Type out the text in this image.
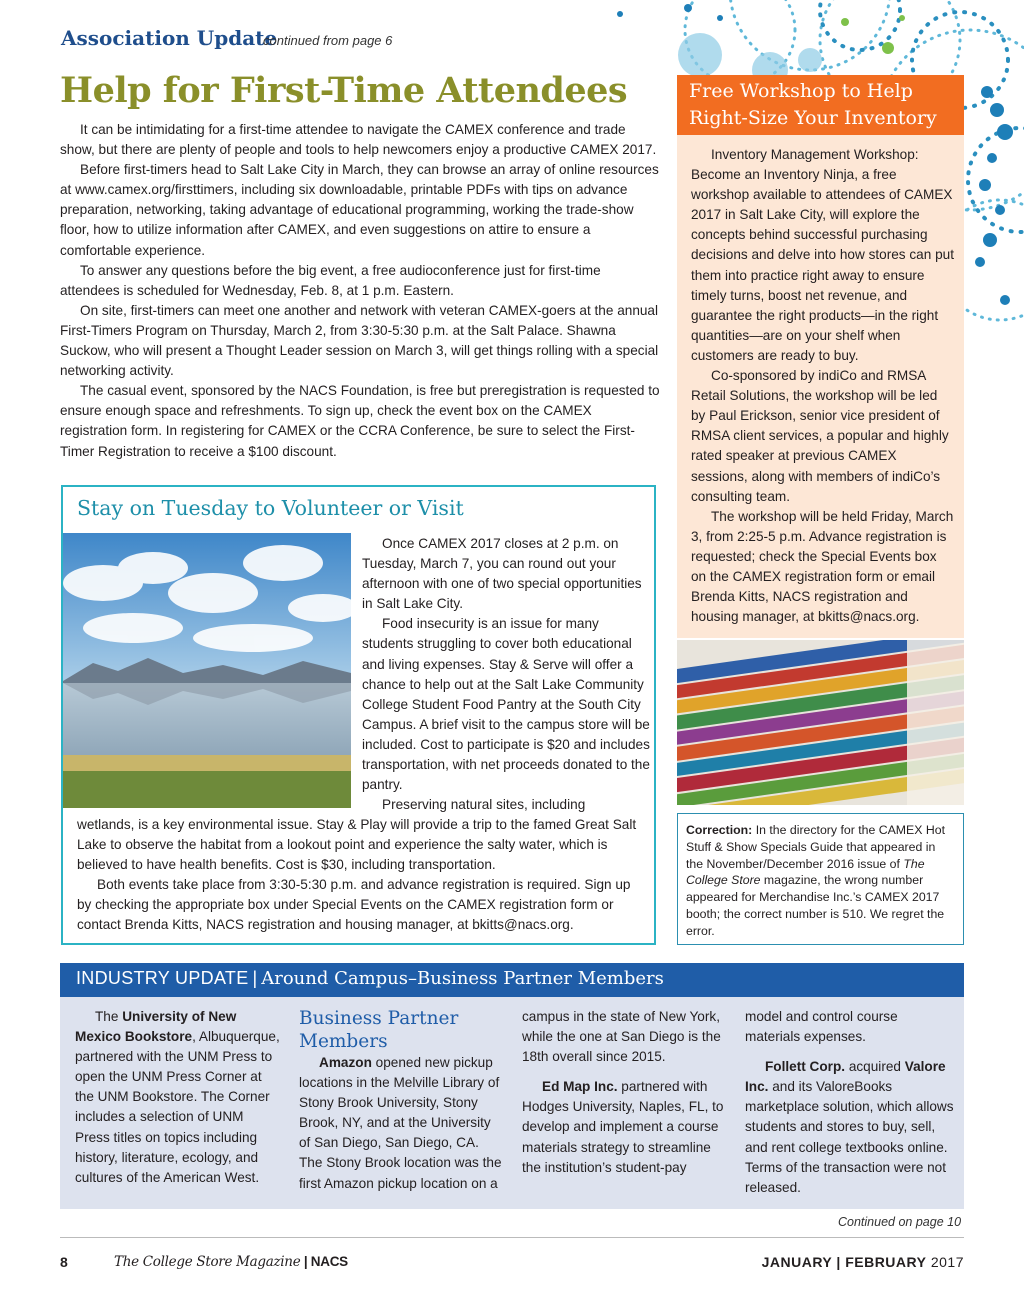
Association Update
continued from page 6
Help for First-Time Attendees

It can be intimidating for a first-time attendee to navigate the CAMEX conference and trade show, but there are plenty of people and tools to help newcomers enjoy a productive CAMEX 2017.

Before first-timers head to Salt Lake City in March, they can browse an array of online resources at www.camex.org/firsttimers, including six downloadable, printable PDFs with tips on advance preparation, networking, taking advantage of educational programming, working the trade-show floor, how to utilize information after CAMEX, and even suggestions on attire to ensure a comfortable experience.

To answer any questions before the big event, a free audioconference just for first-time attendees is scheduled for Wednesday, Feb. 8, at 1 p.m. Eastern.

On site, first-timers can meet one another and network with veteran CAMEX-goers at the annual First-Timers Program on Thursday, March 2, from 3:30-5:30 p.m. at the Salt Palace. Shawna Suckow, who will present a Thought Leader session on March 3, will get things rolling with a special networking activity.

The casual event, sponsored by the NACS Foundation, is free but preregistration is requested to ensure enough space and refreshments. To sign up, check the event box on the CAMEX registration form. In registering for CAMEX or the CCRA Conference, be sure to select the First-Timer Registration to receive a $100 discount.

Stay on Tuesday to Volunteer or Visit

Once CAMEX 2017 closes at 2 p.m. on Tuesday, March 7, you can round out your afternoon with one of two special opportunities in Salt Lake City.

Food insecurity is an issue for many students struggling to cover both educational and living expenses. Stay & Serve will offer a chance to help out at the Salt Lake Community College Student Food Pantry at the South City Campus. A brief visit to the campus store will be included. Cost to participate is $20 and includes transportation, with net proceeds donated to the pantry.

Preserving natural sites, including

wetlands, is a key environmental issue. Stay & Play will provide a trip to the famed Great Salt Lake to observe the habitat from a lookout point and experience the salty water, which is believed to have health benefits. Cost is $30, including transportation.

Both events take place from 3:30-5:30 p.m. and advance registration is required. Sign up by checking the appropriate box under Special Events on the CAMEX registration form or contact Brenda Kitts, NACS registration and housing manager, at bkitts@nacs.org.

Free Workshop to Help Right-Size Your Inventory

Inventory Management Workshop: Become an Inventory Ninja, a free workshop available to attendees of CAMEX 2017 in Salt Lake City, will explore the concepts behind successful purchasing decisions and delve into how stores can put them into practice right away to ensure timely turns, boost net revenue, and guarantee the right products—in the right quantities—are on your shelf when customers are ready to buy.

Co-sponsored by indiCo and RMSA Retail Solutions, the workshop will be led by Paul Erickson, senior vice president of RMSA client services, a popular and highly rated speaker at previous CAMEX sessions, along with members of indiCo’s consulting team.

The workshop will be held Friday, March 3, from 2:25-5 p.m. Advance registration is requested; check the Special Events box on the CAMEX registration form or email Brenda Kitts, NACS registration and housing manager, at bkitts@nacs.org.

Correction: In the directory for the CAMEX Hot Stuff & Show Specials Guide that appeared in the November/December 2016 issue of The College Store magazine, the wrong number appeared for Merchandise Inc.’s CAMEX 2017 booth; the correct number is 510. We regret the error.
INDUSTRY UPDATE | Around Campus–Business Partner Members

The University of New Mexico Bookstore, Albuquerque, partnered with the UNM Press to open the UNM Press Corner at the UNM Bookstore. The Corner includes a selection of UNM Press titles on topics including history, literature, ecology, and cultures of the American West.

Business Partner Members

Amazon opened new pickup locations in the Melville Library of Stony Brook University, Stony Brook, NY, and at the University of San Diego, San Diego, CA. The Stony Brook location was the first Amazon pickup location on a

campus in the state of New York, while the one at San Diego is the 18th overall since 2015.

Ed Map Inc. partnered with Hodges University, Naples, FL, to develop and implement a course materials strategy to streamline the institution’s student-pay

model and control course materials expenses.

Follett Corp. acquired Valore Inc. and its ValoreBooks marketplace solution, which allows students and stores to buy, sell, and rent college textbooks online. Terms of the transaction were not released.

Continued on page 10
8	The College Store Magazine | NACS	JANUARY | FEBRUARY 2017
